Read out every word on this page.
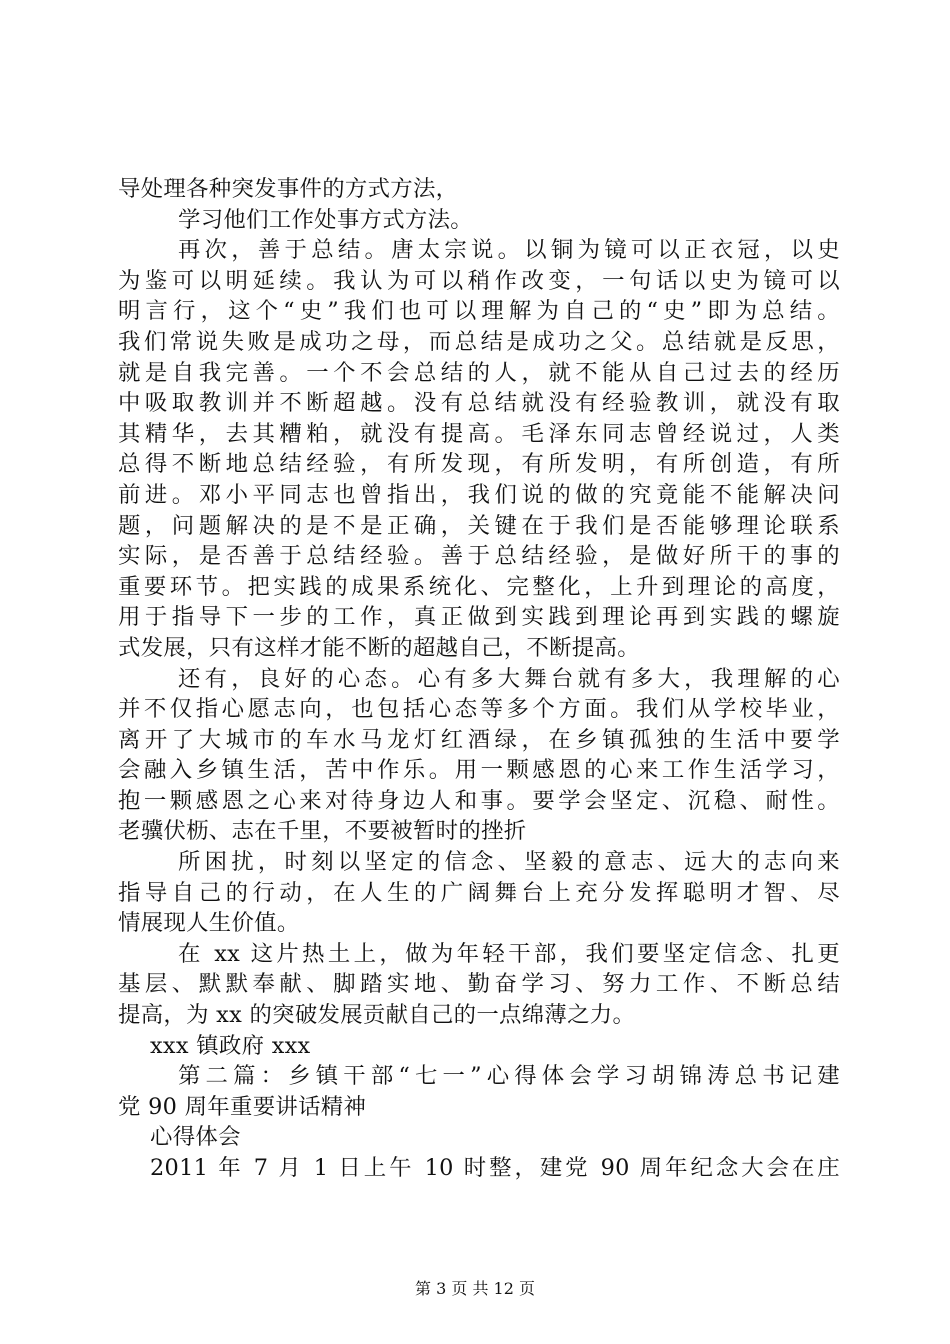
导处理各种突发事件的方式方法，
学习他们工作处事方式方法。
再次，善于总结。唐太宗说。以铜为镜可以正衣冠，以史
为鉴可以明延续。我认为可以稍作改变，一句话以史为镜可以
明言行，这个“史”我们也可以理解为自己的“史”即为总结。
我们常说失败是成功之母，而总结是成功之父。总结就是反思，
就是自我完善。一个不会总结的人，就不能从自己过去的经历
中吸取教训并不断超越。没有总结就没有经验教训，就没有取
其精华，去其糟粕，就没有提高。毛泽东同志曾经说过，人类
总得不断地总结经验，有所发现，有所发明，有所创造，有所
前进。邓小平同志也曾指出，我们说的做的究竟能不能解决问
题，问题解决的是不是正确，关键在于我们是否能够理论联系
实际，是否善于总结经验。善于总结经验，是做好所干的事的
重要环节。把实践的成果系统化、完整化，上升到理论的高度，
用于指导下一步的工作，真正做到实践到理论再到实践的螺旋
式发展，只有这样才能不断的超越自己，不断提高。
还有，良好的心态。心有多大舞台就有多大，我理解的心
并不仅指心愿志向，也包括心态等多个方面。我们从学校毕业，
离开了大城市的车水马龙灯红酒绿，在乡镇孤独的生活中要学
会融入乡镇生活，苦中作乐。用一颗感恩的心来工作生活学习，
抱一颗感恩之心来对待身边人和事。要学会坚定、沉稳、耐性。
老骥伏枥、志在千里，不要被暂时的挫折
所困扰，时刻以坚定的信念、坚毅的意志、远大的志向来
指导自己的行动，在人生的广阔舞台上充分发挥聪明才智、尽
情展现人生价值。
在 xx 这片热土上，做为年轻干部，我们要坚定信念、扎更
基层、默默奉献、脚踏实地、勤奋学习、努力工作、不断总结
提高，为 xx 的突破发展贡献自己的一点绵薄之力。
xxx 镇政府 xxx
第二篇：乡镇干部“七一”心得体会学习胡锦涛总书记建
党 90 周年重要讲话精神
心得体会
2011 年 7 月 1 日上午 10 时整，建党 90 周年纪念大会在庄
第 3 页 共 12 页
